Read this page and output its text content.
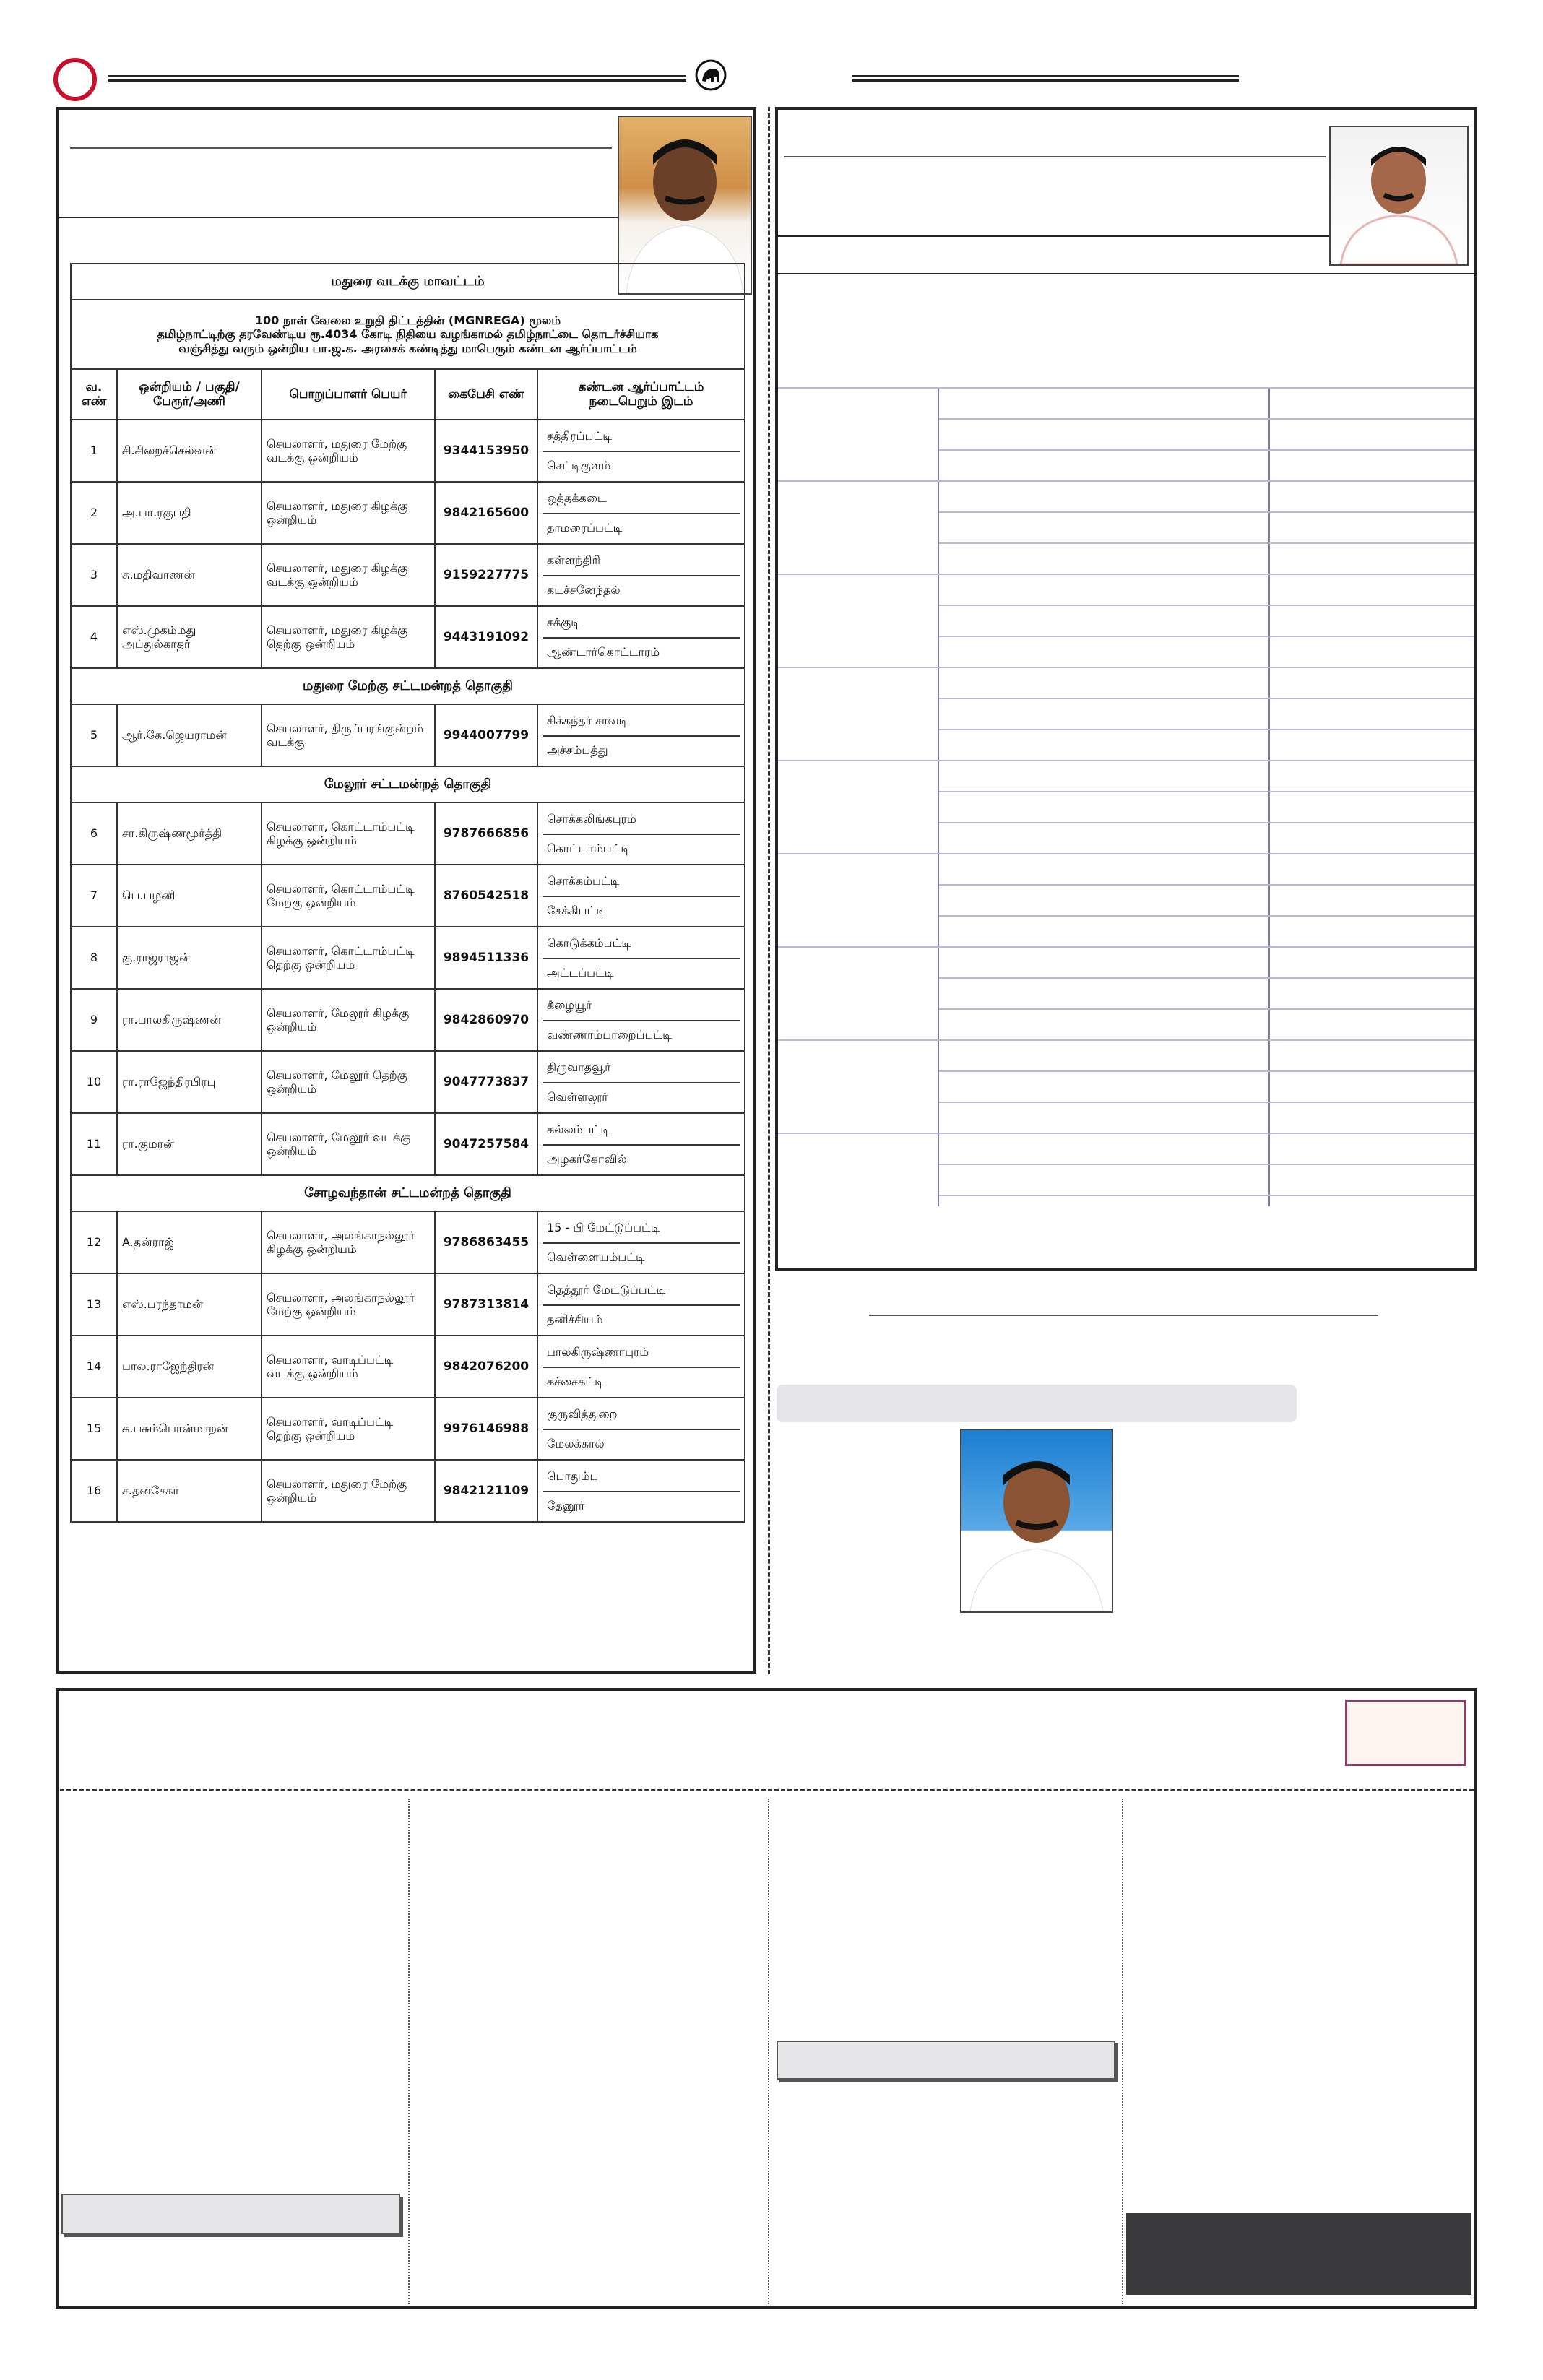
மதுரை வடக்கு மாவட்டம்				

100 நாள் வேலை உறுதி திட்டத்தின் (MGNREGA) மூலம்
தமிழ்நாட்டிற்கு தரவேண்டிய ரூ.4034 கோடி நிதியை வழங்காமல் தமிழ்நாட்டை தொடர்ச்சியாக
வஞ்சித்து வரும் ஒன்றிய பா.ஜ.க. அரசைக் கண்டித்து மாபெரும் கண்டன ஆர்ப்பாட்டம்				

வ. எண்	ஒன்றியம் / பகுதி/ பேரூர்/அணி	பொறுப்பாளர் பெயர்	கைபேசி எண்	கண்டன ஆர்ப்பாட்டம் நடைபெறும் இடம்
1	சி.சிறைச்செல்வன்	செயலாளர், மதுரை மேற்கு வடக்கு ஒன்றியம்	9344153950	சத்திரப்பட்டி
செட்டிகுளம்

2	அ.பா.ரகுபதி	செயலாளர், மதுரை கிழக்கு ஒன்றியம்	9842165600	ஒத்தக்கடை
தாமரைப்பட்டி

3	சு.மதிவாணன்	செயலாளர், மதுரை கிழக்கு வடக்கு ஒன்றியம்	9159227775	கள்ளந்திரி
கடச்சனேந்தல்

4	எஸ்.முகம்மது அப்துல்காதர்	செயலாளர், மதுரை கிழக்கு தெற்கு ஒன்றியம்	9443191092	சக்குடி
ஆண்டார்கொட்டாரம்

மதுரை மேற்கு சட்டமன்றத் தொகுதி				
5	ஆர்.கே.ஜெயராமன்	செயலாளர், திருப்பரங்குன்றம் வடக்கு	9944007799	சிக்கந்தர் சாவடி
அச்சம்பத்து

மேலூர் சட்டமன்றத் தொகுதி				
6	சா.கிருஷ்ணமூர்த்தி	செயலாளர், கொட்டாம்பட்டி கிழக்கு ஒன்றியம்	9787666856	சொக்கலிங்கபுரம்
கொட்டாம்பட்டி

7	பெ.பழனி	செயலாளர், கொட்டாம்பட்டி மேற்கு ஒன்றியம்	8760542518	சொக்கம்பட்டி
சேக்கிபட்டி

8	கு.ராஜராஜன்	செயலாளர், கொட்டாம்பட்டி தெற்கு ஒன்றியம்	9894511336	கொடுக்கம்பட்டி
அட்டப்பட்டி

9	ரா.பாலகிருஷ்ணன்	செயலாளர், மேலூர் கிழக்கு ஒன்றியம்	9842860970	கீழையூர்
வண்ணாம்பாறைப்பட்டி

10	ரா.ராஜேந்திரபிரபு	செயலாளர், மேலூர் தெற்கு ஒன்றியம்	9047773837	திருவாதவூர்
வெள்ளலூர்

11	ரா.குமரன்	செயலாளர், மேலூர் வடக்கு ஒன்றியம்	9047257584	கல்லம்பட்டி
அழகர்கோவில்

சோழவந்தான் சட்டமன்றத் தொகுதி				
12	A.தன்ராஜ்	செயலாளர், அலங்காநல்லூர் கிழக்கு ஒன்றியம்	9786863455	15 - பி மேட்டுப்பட்டி
வெள்ளையம்பட்டி

13	எஸ்.பரந்தாமன்	செயலாளர், அலங்காநல்லூர் மேற்கு ஒன்றியம்	9787313814	தெத்தூர் மேட்டுப்பட்டி
தனிச்சியம்

14	பால.ராஜேந்திரன்	செயலாளர், வாடிப்பட்டி வடக்கு ஒன்றியம்	9842076200	பாலகிருஷ்ணாபுரம்
கச்சைகட்டி

15	க.பசும்பொன்மாறன்	செயலாளர், வாடிப்பட்டி தெற்கு ஒன்றியம்	9976146988	குருவித்துறை
மேலக்கால்

16	ச.தனசேகர்	செயலாளர், மதுரை மேற்கு ஒன்றியம்	9842121109	பொதும்பு
தேனூர்
